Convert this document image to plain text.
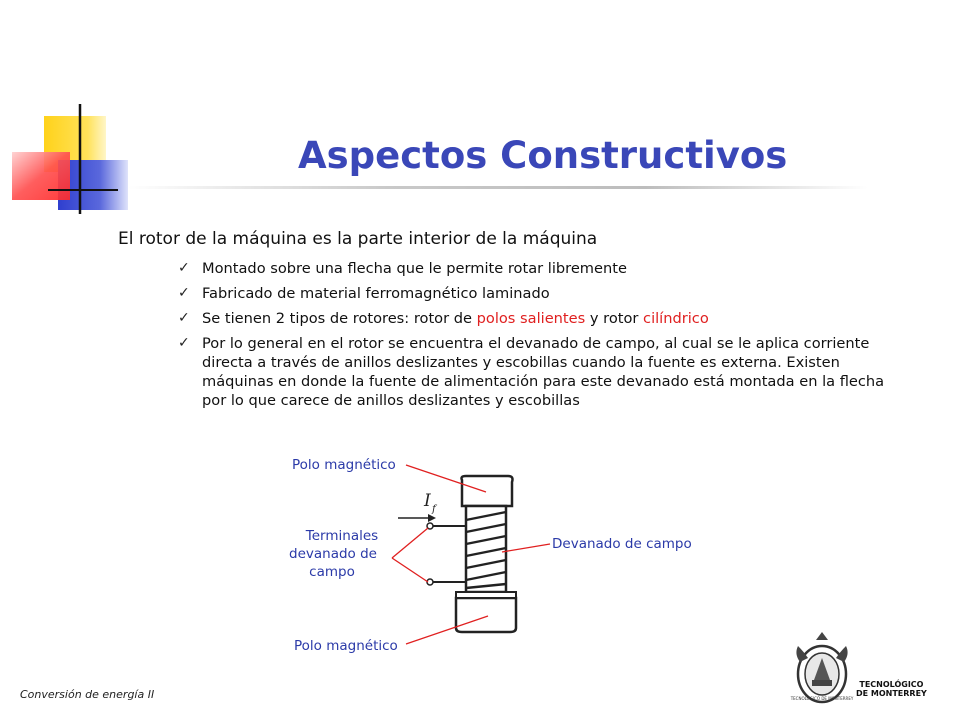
Aspectos Constructivos
El rotor de la máquina es la parte interior de la máquina
✓ Montado sobre una flecha que le permite rotar libremente
✓ Fabricado de material ferromagnético laminado
✓ Se tienen 2 tipos de rotores: rotor de polos salientes y rotor cilíndrico
✓ Por lo general en el rotor se encuentra el devanado de campo, al cual se le aplica corriente directa a través de anillos deslizantes y escobillas cuando la fuente es externa. Existen máquinas en donde la fuente de alimentación para este devanado está montada en la flecha por lo que carece de anillos deslizantes y escobillas
I f
Polo magnético
Terminales
devanado de
campo
Devanado de campo
Polo magnético
Conversión de energía II	TECNOLÓGICO DE MONTERREY
TECNOLÓGICO
DE MONTERREY
